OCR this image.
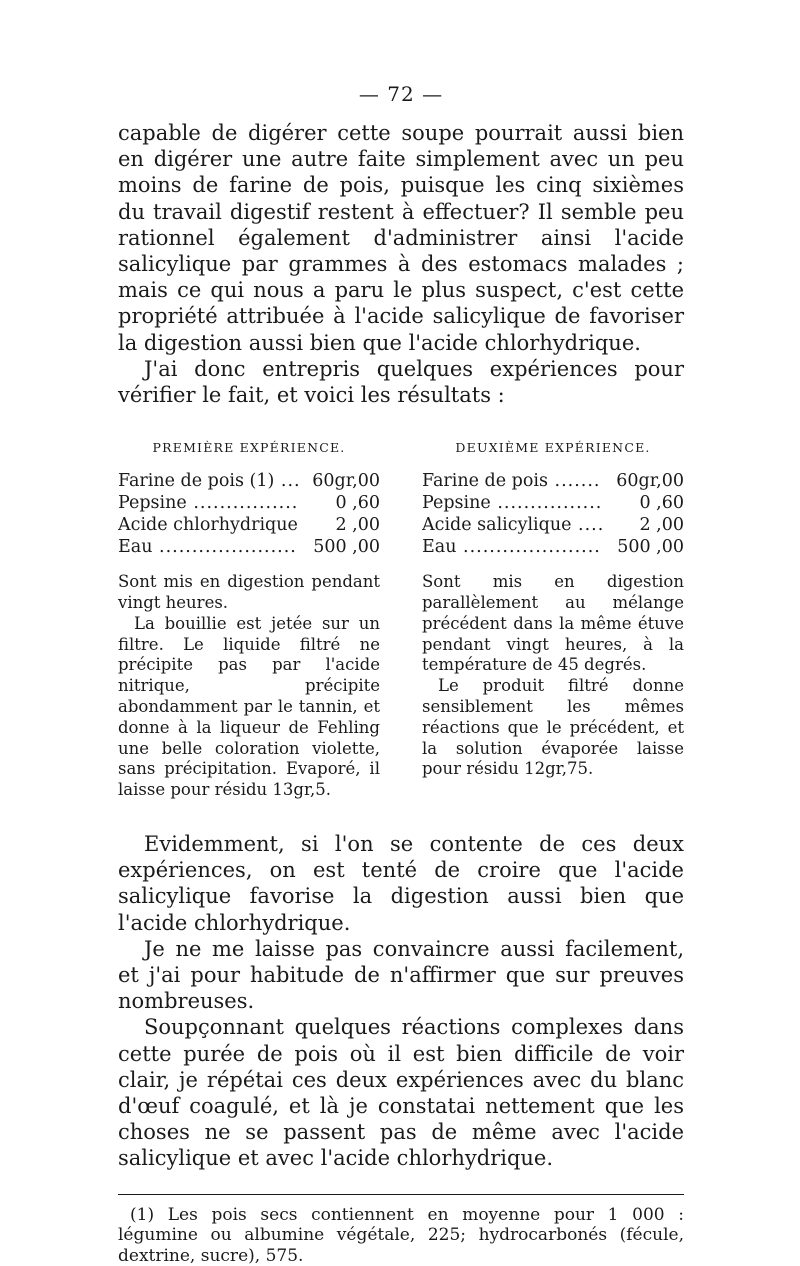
— 72 —

capable de digérer cette soupe pourrait aussi bien en digérer une autre faite simplement avec un peu moins de farine de pois, puisque les cinq sixièmes du travail digestif restent à effectuer? Il semble peu rationnel également d'administrer ainsi l'acide salicylique par grammes à des estomacs malades ; mais ce qui nous a paru le plus suspect, c'est cette propriété attribuée à l'acide salicylique de favoriser la digestion aussi bien que l'acide chlorhydrique.

J'ai donc entrepris quelques expériences pour vérifier le fait, et voici les résultats :

PREMIÈRE EXPÉRIENCE.
Farine de pois (1) .....	60gr,00
Pepsine .....	0 ,60
Acide chlorhydrique .....	2 ,00
Eau .....	500 ,00

Sont mis en digestion pendant vingt heures.

La bouillie est jetée sur un filtre. Le liquide filtré ne précipite pas par l'acide nitrique, précipite abondamment par le tannin, et donne à la liqueur de Fehling une belle coloration violette, sans précipitation. Evaporé, il laisse pour résidu 13gr,5.

DEUXIÈME EXPÉRIENCE.
Farine de pois .....	60gr,00
Pepsine .....	0 ,60
Acide salicylique .....	2 ,00
Eau .....	500 ,00

Sont mis en digestion parallèlement au mélange précédent dans la même étuve pendant vingt heures, à la température de 45 degrés.

Le produit filtré donne sensiblement les mêmes réactions que le précédent, et la solution évaporée laisse pour résidu 12gr,75.

Evidemment, si l'on se contente de ces deux expériences, on est tenté de croire que l'acide salicylique favorise la digestion aussi bien que l'acide chlorhydrique.

Je ne me laisse pas convaincre aussi facilement, et j'ai pour habitude de n'affirmer que sur preuves nombreuses.

Soupçonnant quelques réactions complexes dans cette purée de pois où il est bien difficile de voir clair, je répétai ces deux expériences avec du blanc d'œuf coagulé, et là je constatai nettement que les choses ne se passent pas de même avec l'acide salicylique et avec l'acide chlorhydrique.

(1) Les pois secs contiennent en moyenne pour 1 000 : légumine ou albumine végétale, 225; hydrocarbonés (fécule, dextrine, sucre), 575.
